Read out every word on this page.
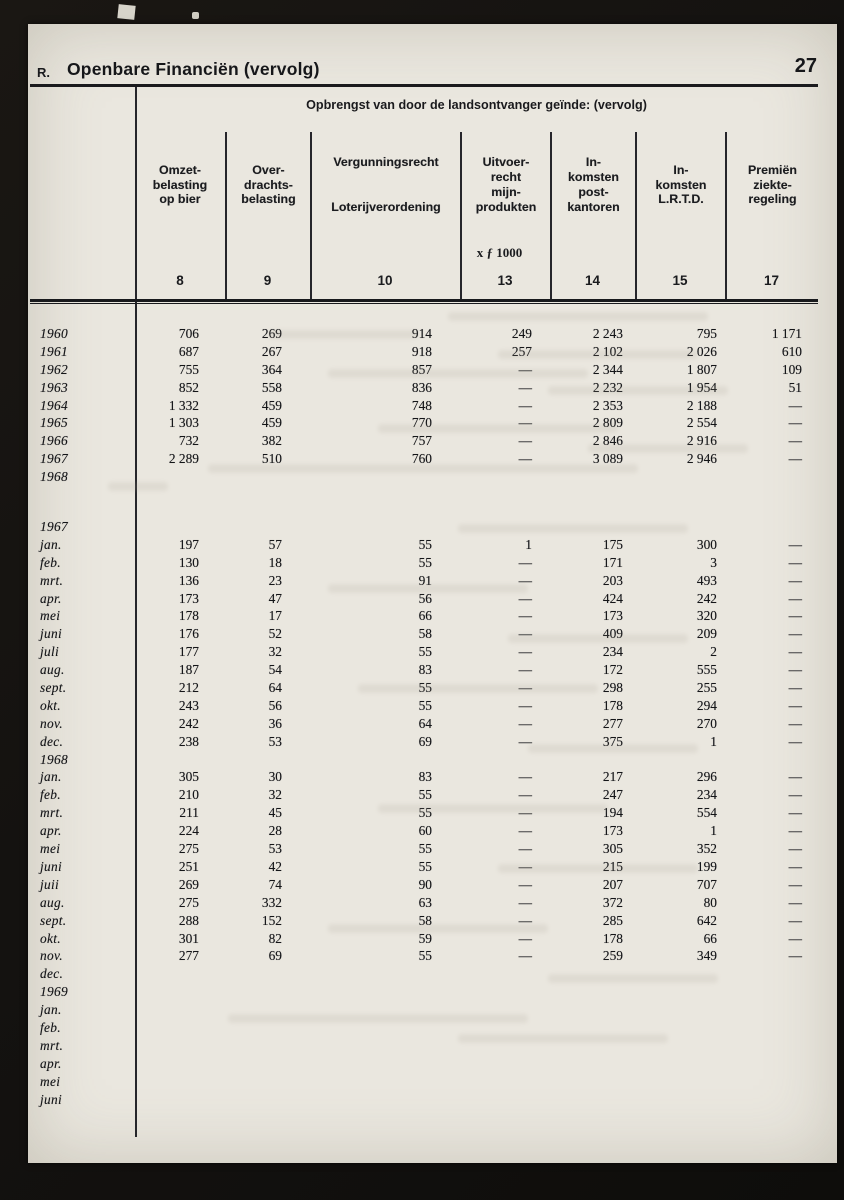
R. Openbare Financiën (vervolg)	27
Opbrengst van door de landsontvanger geïnde: (vervolg)
Omzet-
belasting
op bier
Over-
drachts-
belasting
Vergunningsrecht

Loterijverordening
Uitvoer-
recht
mijn-
produkten
In-
komsten
post-
kantoren
In-
komsten
L.R.T.D.
Premiën
ziekte-
regeling
x ƒ 1000
8	9	10	13	14	15	17
1960	706	269	914	249	2 243	795	1 171
1961	687	267	918	257	2 102	2 026	610
1962	755	364	857	—	2 344	1 807	109
1963	852	558	836	—	2 232	1 954	51
1964	1 332	459	748	—	2 353	2 188	—
1965	1 303	459	770	—	2 809	2 554	—
1966	732	382	757	—	2 846	2 916	—
1967	2 289	510	760	—	3 089	2 946	—
1968
1967
jan.	197	57	55	1	175	300	—
feb.	130	18	55	—	171	3	—
mrt.	136	23	91	—	203	493	—
apr.	173	47	56	—	424	242	—
mei	178	17	66	—	173	320	—
juni	176	52	58	—	409	209	—
juli	177	32	55	—	234	2	—
aug.	187	54	83	—	172	555	—
sept.	212	64	55	—	298	255	—
okt.	243	56	55	—	178	294	—
nov.	242	36	64	—	277	270	—
dec.	238	53	69	—	375	1	—
1968
jan.	305	30	83	—	217	296	—
feb.	210	32	55	—	247	234	—
mrt.	211	45	55	—	194	554	—
apr.	224	28	60	—	173	1	—
mei	275	53	55	—	305	352	—
juni	251	42	55	—	215	199	—
juii	269	74	90	—	207	707	—
aug.	275	332	63	—	372	80	—
sept.	288	152	58	—	285	642	—
okt.	301	82	59	—	178	66	—
nov.	277	69	55	—	259	349	—
dec.
1969
jan.
feb.
mrt.
apr.
mei
juni
